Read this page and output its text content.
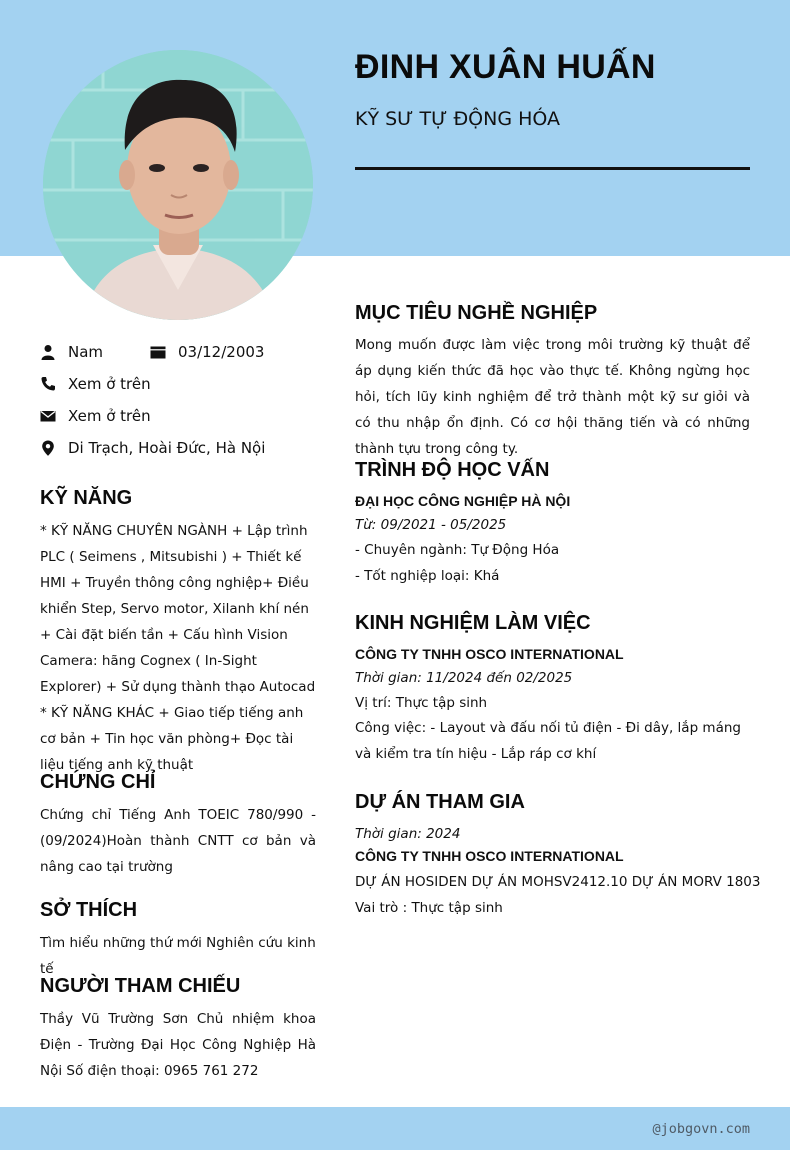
ĐINH XUÂN HUẤN
KỸ SƯ TỰ ĐỘNG HÓA
Nam	03/12/2003
Xem ở trên
Xem ở trên
Di Trạch, Hoài Đức, Hà Nội
KỸ NĂNG
* KỸ NĂNG CHUYÊN NGÀNH + Lập trình PLC ( Seimens , Mitsubishi ) + Thiết kế HMI + Truyền thông công nghiệp+ Điều khiển Step, Servo motor, Xilanh khí nén + Cài đặt biến tần + Cấu hình Vision Camera: hãng Cognex ( In-Sight Explorer) + Sử dụng thành thạo Autocad * KỸ NĂNG KHÁC + Giao tiếp tiếng anh cơ bản + Tin học văn phòng+ Đọc tài liệu tiếng anh kỹ thuật
CHỨNG CHỈ
Chứng chỉ Tiếng Anh TOEIC 780/990 - (09/2024)Hoàn thành CNTT cơ bản và nâng cao tại trường
SỞ THÍCH
Tìm hiểu những thứ mới Nghiên cứu kinh tế
NGƯỜI THAM CHIẾU
Thầy Vũ Trường Sơn Chủ nhiệm khoa Điện - Trường Đại Học Công Nghiệp Hà Nội Số điện thoại: 0965 761 272
MỤC TIÊU NGHỀ NGHIỆP
Mong muốn được làm việc trong môi trường kỹ thuật để áp dụng kiến thức đã học vào thực tế. Không ngừng học hỏi, tích lũy kinh nghiệm để trở thành một kỹ sư giỏi và có thu nhập ổn định. Có cơ hội thăng tiến và có những thành tựu trong công ty.
TRÌNH ĐỘ HỌC VẤN
ĐẠI HỌC CÔNG NGHIỆP HÀ NỘI
Từ: 09/2021 - 05/2025
- Chuyên ngành: Tự Động Hóa
- Tốt nghiệp loại: Khá
KINH NGHIỆM LÀM VIỆC
CÔNG TY TNHH OSCO INTERNATIONAL
Thời gian: 11/2024 đến 02/2025
Vị trí: Thực tập sinh
Công việc: - Layout và đấu nối tủ điện - Đi dây, lắp máng và kiểm tra tín hiệu - Lắp ráp cơ khí
DỰ ÁN THAM GIA
Thời gian: 2024
CÔNG TY TNHH OSCO INTERNATIONAL
DỰ ÁN HOSIDEN DỰ ÁN MOHSV2412.10 DỰ ÁN MORV 1803
Vai trò : Thực tập sinh
@jobgovn.com
